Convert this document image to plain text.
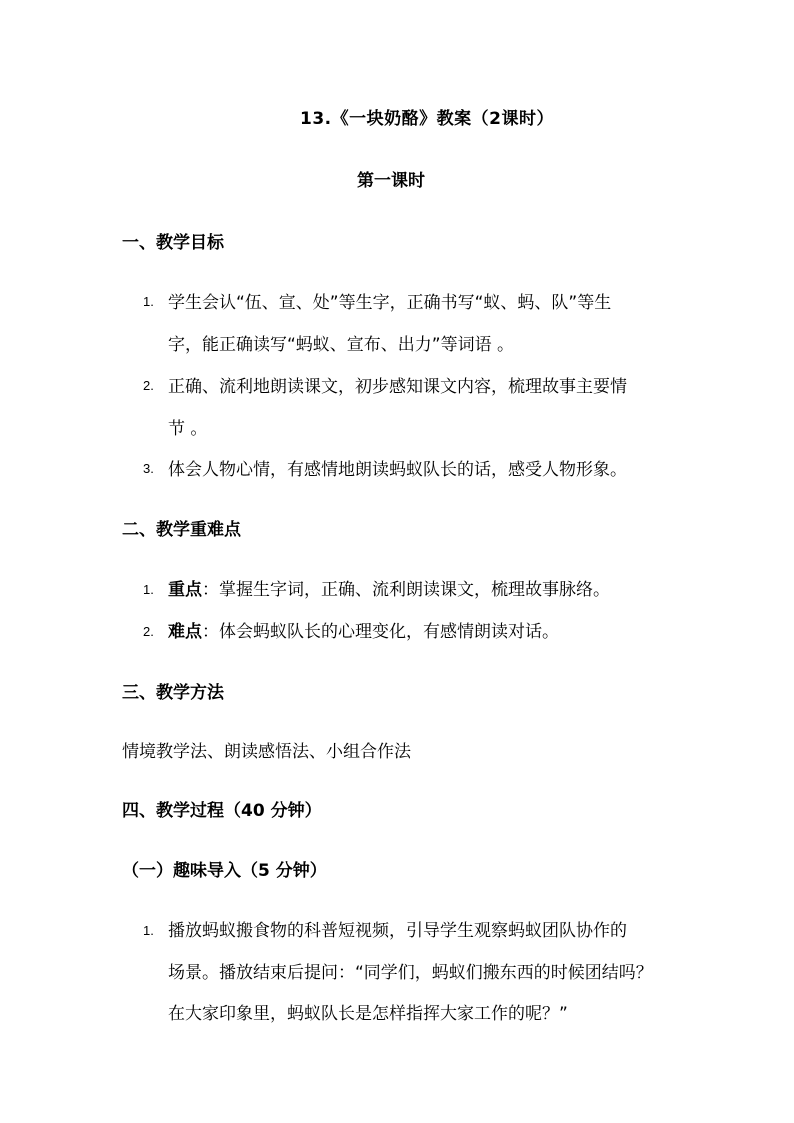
13.《一块奶酪》教案（2课时）
第一课时
一、教学目标
1. 学生会认“伍、宣、处”等生字，正确书写“蚁、蚂、队”等生
字，能正确读写“蚂蚁、宣布、出力”等词语 。
2. 正确、流利地朗读课文，初步感知课文内容，梳理故事主要情
节 。
3. 体会人物心情，有感情地朗读蚂蚁队长的话，感受人物形象。
二、教学重难点
1. 重点：掌握生字词，正确、流利朗读课文，梳理故事脉络。
2. 难点：体会蚂蚁队长的心理变化，有感情朗读对话。
三、教学方法
情境教学法、朗读感悟法、小组合作法
四、教学过程（40 分钟）
（一）趣味导入（5 分钟）
1. 播放蚂蚁搬食物的科普短视频，引导学生观察蚂蚁团队协作的
场景。播放结束后提问：“同学们，蚂蚁们搬东西的时候团结吗？
在大家印象里，蚂蚁队长是怎样指挥大家工作的呢？”
